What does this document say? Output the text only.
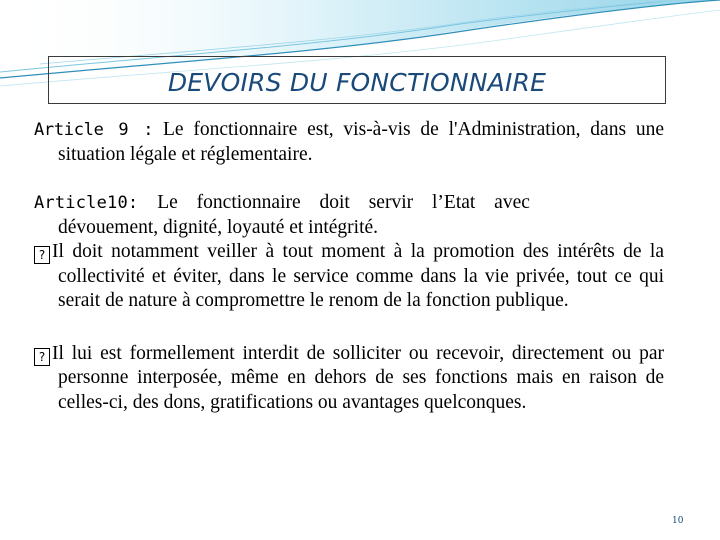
DEVOIRS DU FONCTIONNAIRE

Article 9 : Le fonctionnaire est, vis-à-vis de l'Administration, dans une situation légale et réglementaire.

Article10: Le fonctionnaire doit servir l’Etat avec
dévouement, dignité, loyauté et intégrité.

? Il doit notamment veiller à tout moment à la promotion des intérêts de la collectivité et éviter, dans le service comme dans la vie privée, tout ce qui serait de nature à compromettre le renom de la fonction publique.

? Il lui est formellement interdit de solliciter ou recevoir, directement ou par personne interposée, même en dehors de ses fonctions mais en raison de celles-ci, des dons, gratifications ou avantages quelconques.

10
